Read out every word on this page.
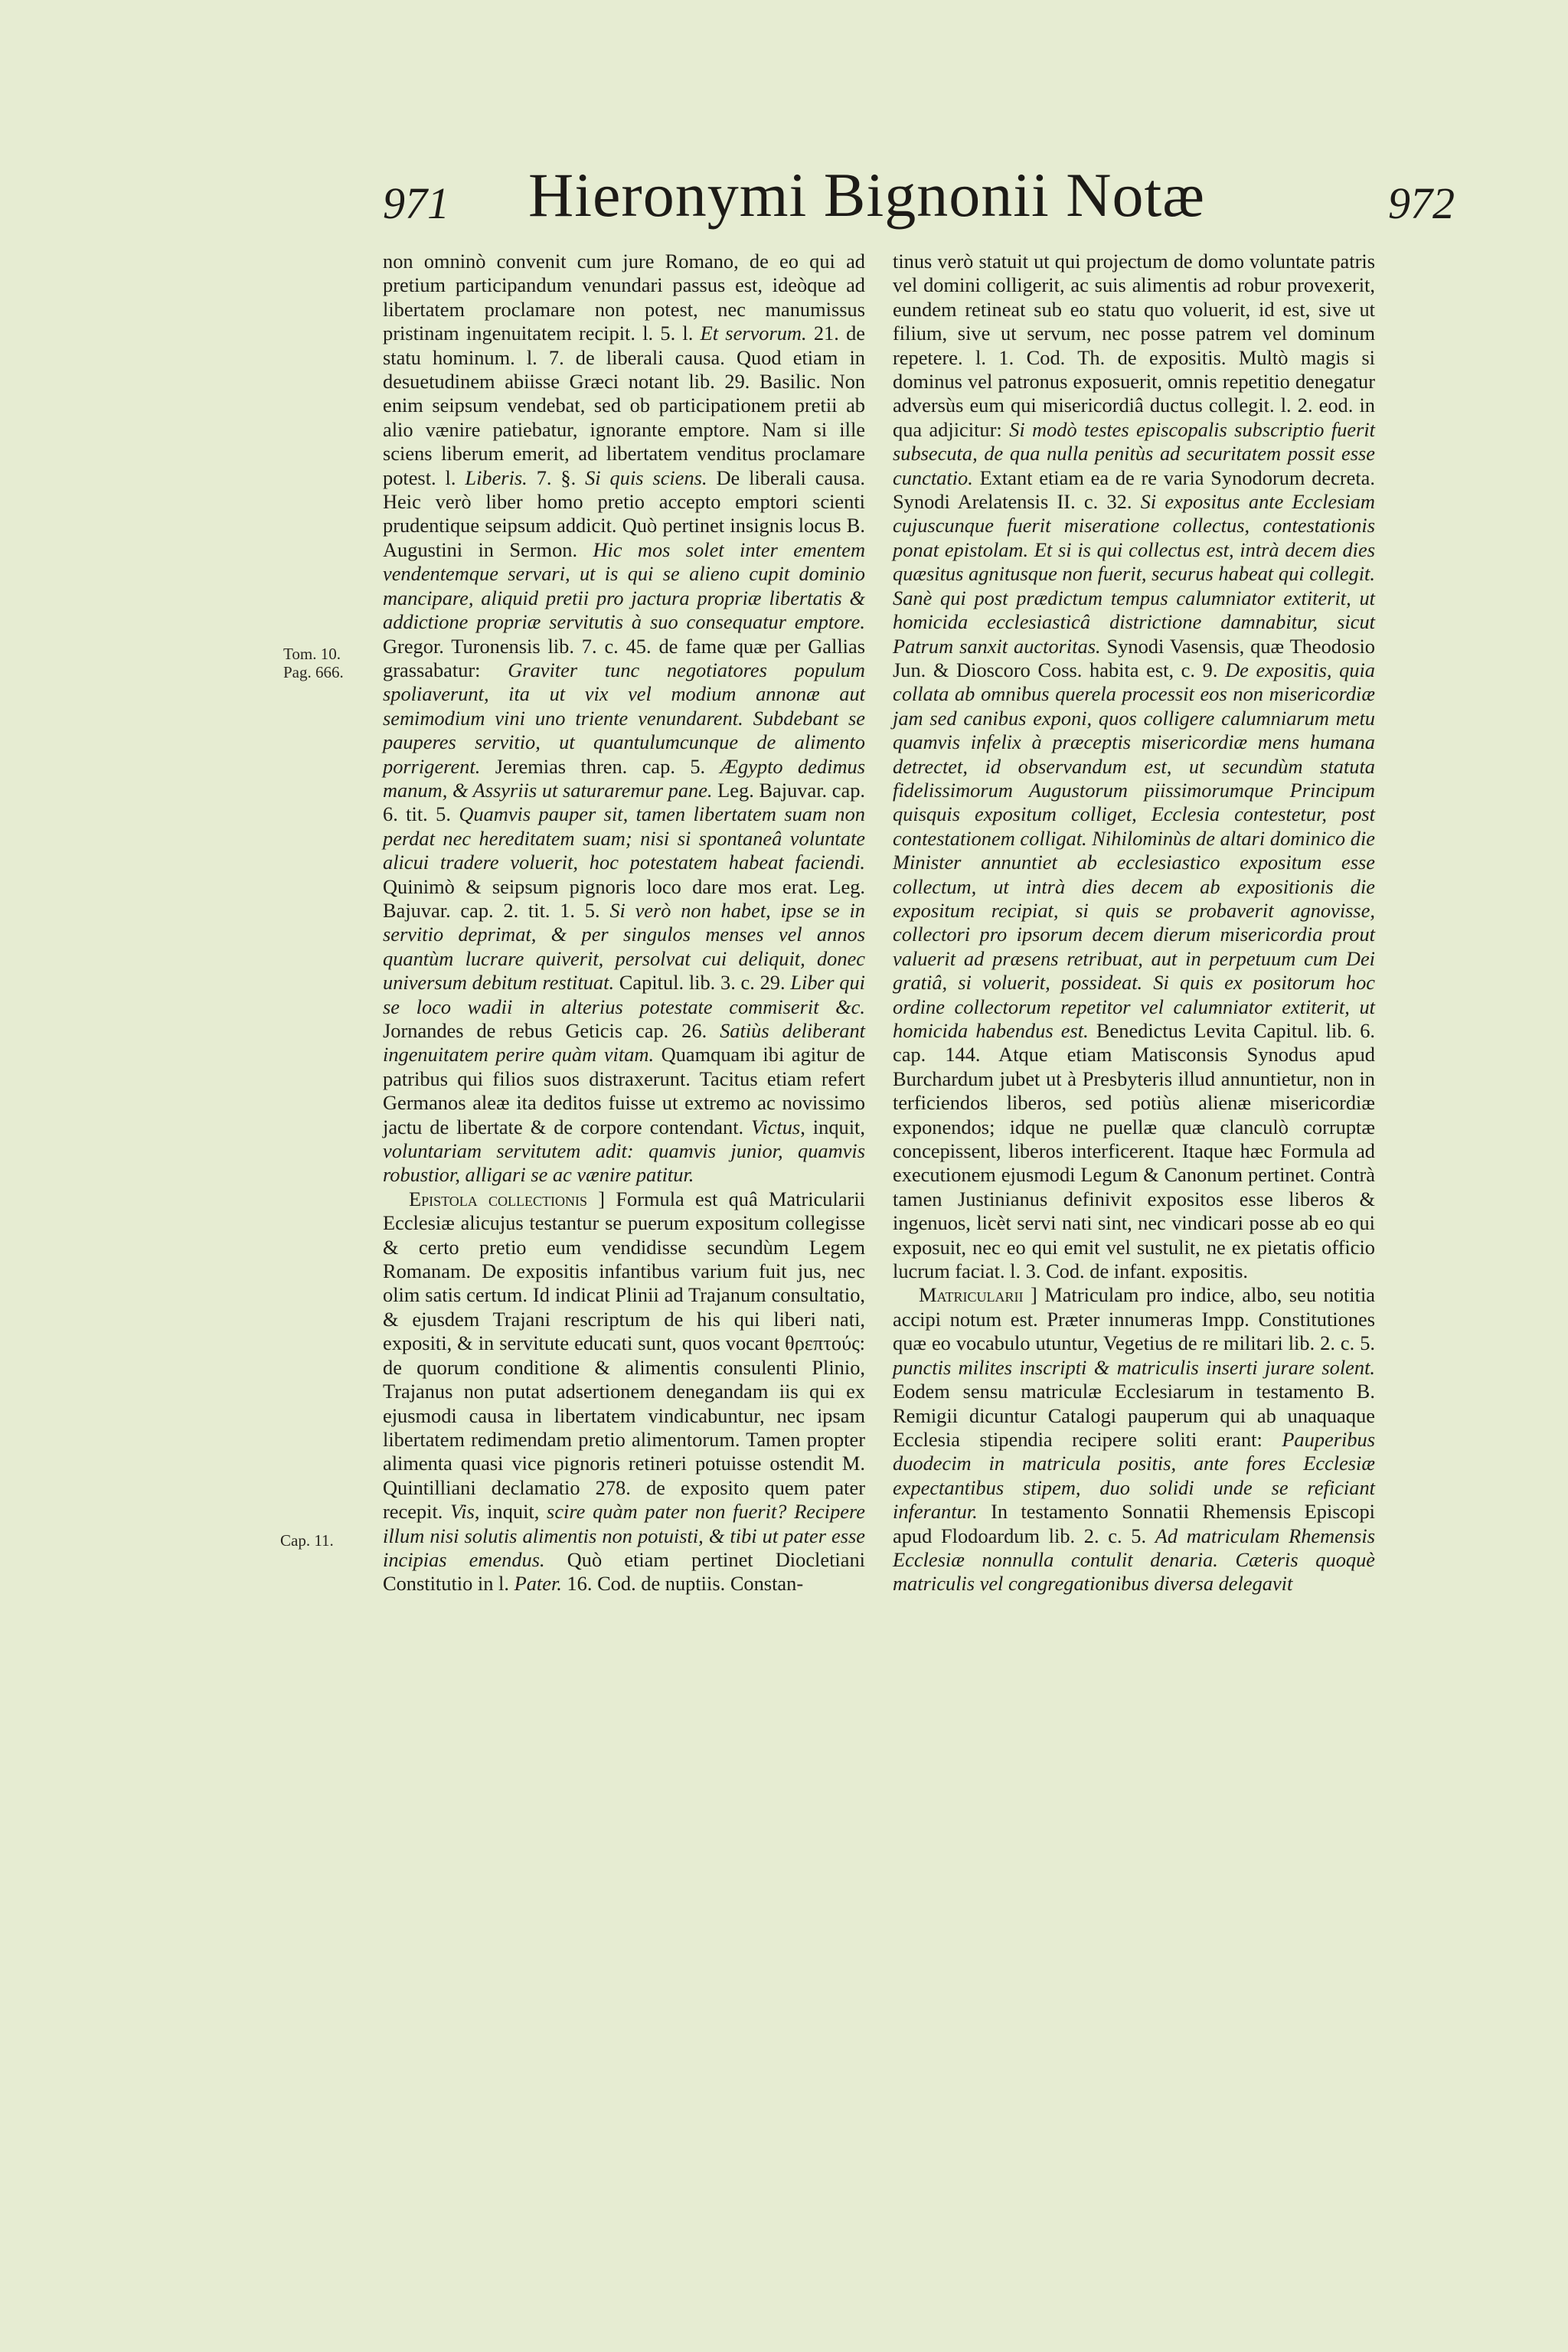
971 Hieronymi Bignonii Notæ	972
Tom. 10.
Pag. 666.
Cap. 11.

non omninò convenit cum jure Romano, de eo qui ad pretium participandum venundari passus est, ideòque ad libertatem proclamare non potest, nec manumissus pristinam ingenuitatem recipit. l. 5. l. Et servorum. 21. de statu hominum. l. 7. de liberali causa. Quod etiam in desuetudinem abiisse Græci notant lib. 29. Basilic. Non enim seipsum vendebat, sed ob participationem pretii ab alio vænire patiebatur, ignorante emptore. Nam si ille sciens liberum emerit, ad libertatem venditus proclamare potest. l. Liberis. 7. §. Si quis sciens. De liberali causa. Heic verò liber homo pretio accepto emptori scienti prudentique seipsum addicit. Quò pertinet insignis locus B. Augustini in Sermon. Hic mos solet inter ementem vendentemque servari, ut is qui se alieno cupit dominio mancipare, aliquid pretii pro jactura propriæ libertatis & addictione propriæ servitutis à suo consequatur emptore. Gregor. Turonensis lib. 7. c. 45. de fame quæ per Gallias grassabatur: Graviter tunc negotiatores populum spoliaverunt, ita ut vix vel modium annonæ aut semimodium vini uno triente venundarent. Subdebant se pauperes servitio, ut quantulumcunque de alimento porrigerent. Jeremias thren. cap. 5. Ægypto dedimus manum, & Assyriis ut saturaremur pane. Leg. Bajuvar. cap. 6. tit. 5. Quamvis pauper sit, tamen libertatem suam non perdat nec hereditatem suam; nisi si spontaneâ voluntate alicui tradere voluerit, hoc potestatem habeat faciendi. Quinimò & seipsum pignoris loco dare mos erat. Leg. Bajuvar. cap. 2. tit. 1. 5. Si verò non habet, ipse se in servitio deprimat, & per singulos menses vel annos quantùm lucrare quiverit, persolvat cui deliquit, donec universum debitum restituat. Capitul. lib. 3. c. 29. Liber qui se loco wadii in alterius potestate commiserit &c. Jornandes de rebus Geticis cap. 26. Satiùs deliberant ingenuitatem perire quàm vitam. Quamquam ibi agitur de patribus qui filios suos distraxerunt. Tacitus etiam refert Germanos aleæ ita deditos fuisse ut extremo ac novissimo jactu de libertate & de corpore contendant. Victus, inquit, voluntariam servitutem adit: quamvis junior, quamvis robustior, alligari se ac vænire patitur.

Epistola collectionis ] Formula est quâ Matricularii Ecclesiæ alicujus testantur se puerum expositum collegisse & certo pretio eum vendidisse secundùm Legem Romanam. De expositis infantibus varium fuit jus, nec olim satis certum. Id indicat Plinii ad Trajanum consultatio, & ejusdem Trajani rescriptum de his qui liberi nati, expositi, & in servitute educati sunt, quos vocant θρεπτούς: de quorum conditione & alimentis consulenti Plinio, Trajanus non putat adsertionem denegandam iis qui ex ejusmodi causa in libertatem vindicabuntur, nec ipsam libertatem redimendam pretio alimentorum. Tamen propter alimenta quasi vice pignoris retineri potuisse ostendit M. Quintilliani declamatio 278. de exposito quem pater recepit. Vis, inquit, scire quàm pater non fuerit? Recipere illum nisi solutis alimentis non potuisti, & tibi ut pater esse incipias emendus. Quò etiam pertinet Diocletiani Constitutio in l. Pater. 16. Cod. de nuptiis. Constan-

tinus verò statuit ut qui projectum de domo voluntate patris vel domini colligerit, ac suis alimentis ad robur provexerit, eundem retineat sub eo statu quo voluerit, id est, sive ut filium, sive ut servum, nec posse patrem vel dominum repetere. l. 1. Cod. Th. de expositis. Multò magis si dominus vel patronus exposuerit, omnis repetitio denegatur adversùs eum qui misericordiâ ductus collegit. l. 2. eod. in qua adjicitur: Si modò testes episcopalis subscriptio fuerit subsecuta, de qua nulla penitùs ad securitatem possit esse cunctatio. Extant etiam ea de re varia Synodorum decreta. Synodi Arelatensis II. c. 32. Si expositus ante Ecclesiam cujuscunque fuerit miseratione collectus, contestationis ponat epistolam. Et si is qui collectus est, intrà decem dies quæsitus agnitusque non fuerit, securus habeat qui collegit. Sanè qui post prædictum tempus calumniator extiterit, ut homicida ecclesiasticâ districtione damnabitur, sicut Patrum sanxit auctoritas. Synodi Vasensis, quæ Theodosio Jun. & Dioscoro Coss. habita est, c. 9. De expositis, quia collata ab omnibus querela processit eos non misericordiæ jam sed canibus exponi, quos colligere calumniarum metu quamvis infelix à præceptis misericordiæ mens humana detrectet, id observandum est, ut secundùm statuta fidelissimorum Augustorum piissimorumque Principum quisquis expositum colliget, Ecclesia contestetur, post contestationem colligat. Nihilominùs de altari dominico die Minister annuntiet ab ecclesiastico expositum esse collectum, ut intrà dies decem ab expositionis die expositum recipiat, si quis se probaverit agnovisse, collectori pro ipsorum decem dierum misericordia prout valuerit ad præsens retribuat, aut in perpetuum cum Dei gratiâ, si voluerit, possideat. Si quis ex positorum hoc ordine collectorum repetitor vel calumniator extiterit, ut homicida habendus est. Benedictus Levita Capitul. lib. 6. cap. 144. Atque etiam Matisconsis Synodus apud Burchardum jubet ut à Presbyteris illud annuntietur, non in terficiendos liberos, sed potiùs alienæ misericordiæ exponendos; idque ne puellæ quæ clanculò corruptæ concepissent, liberos interficerent. Itaque hæc Formula ad executionem ejusmodi Legum & Canonum pertinet. Contrà tamen Justinianus definivit expositos esse liberos & ingenuos, licèt servi nati sint, nec vindicari posse ab eo qui exposuit, nec eo qui emit vel sustulit, ne ex pietatis officio lucrum faciat. l. 3. Cod. de infant. expositis.

Matricularii ] Matriculam pro indice, albo, seu notitia accipi notum est. Præter innumeras Impp. Constitutiones quæ eo vocabulo utuntur, Vegetius de re militari lib. 2. c. 5. punctis milites inscripti & matriculis inserti jurare solent. Eodem sensu matriculæ Ecclesiarum in testamento B. Remigii dicuntur Catalogi pauperum qui ab unaquaque Ecclesia stipendia recipere soliti erant: Pauperibus duodecim in matricula positis, ante fores Ecclesiæ expectantibus stipem, duo solidi unde se reficiant inferantur. In testamento Sonnatii Rhemensis Episcopi apud Flodoardum lib. 2. c. 5. Ad matriculam Rhemensis Ecclesiæ nonnulla contulit denaria. Cæteris quoquè matriculis vel congregationibus diversa delegavit
